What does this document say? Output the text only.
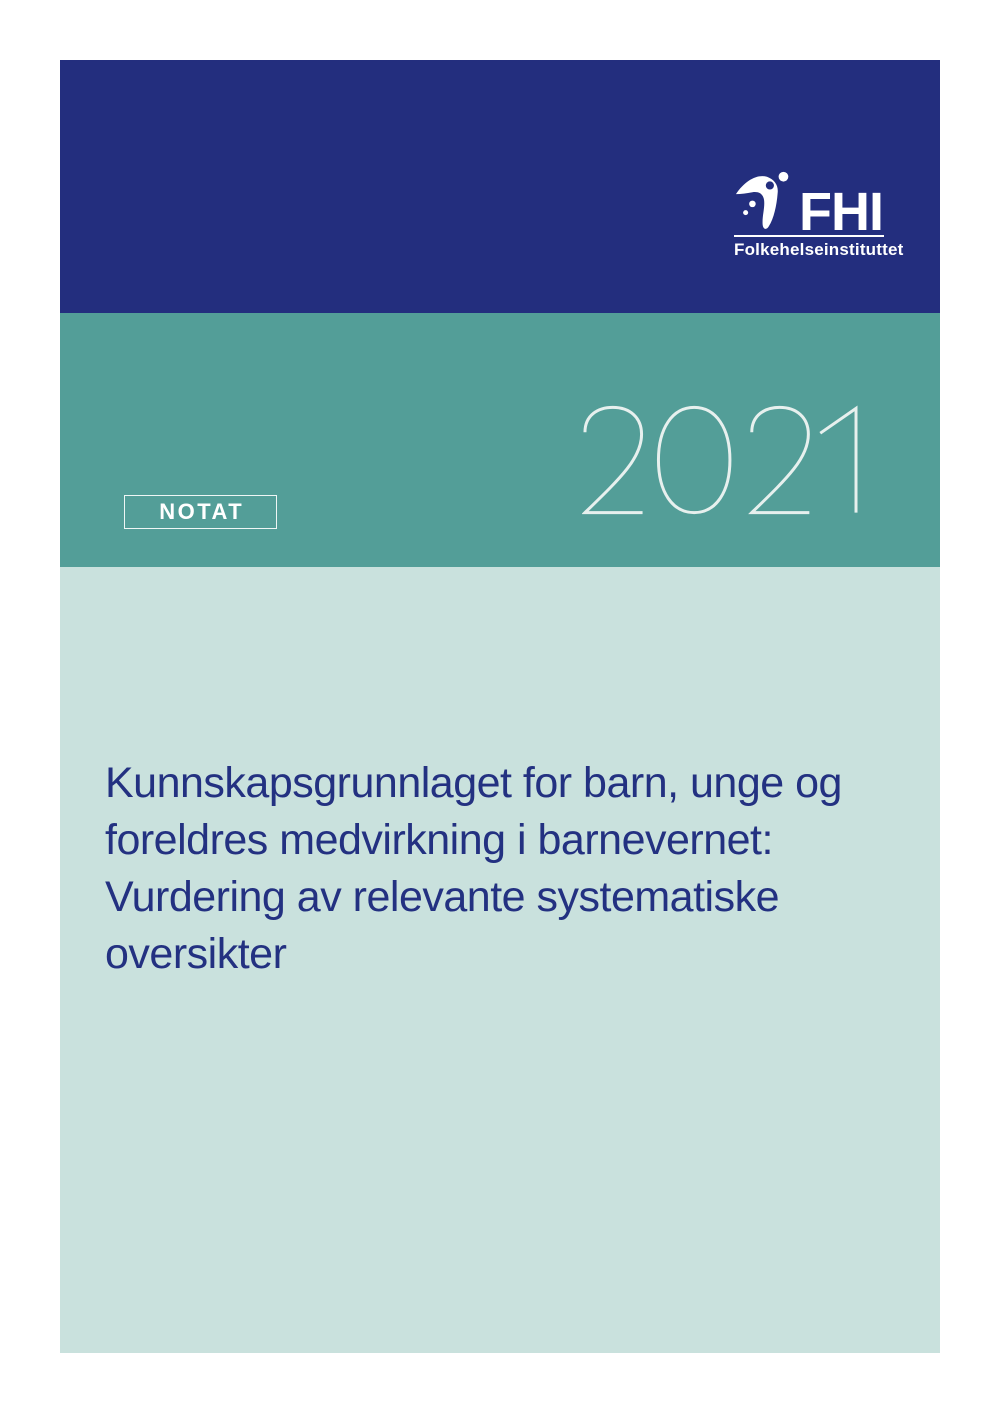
FHI
Folkehelseinstituttet
NOTAT
Kunnskapsgrunnlaget for barn, unge og
foreldres medvirkning i barnevernet:
Vurdering av relevante systematiske
oversikter
